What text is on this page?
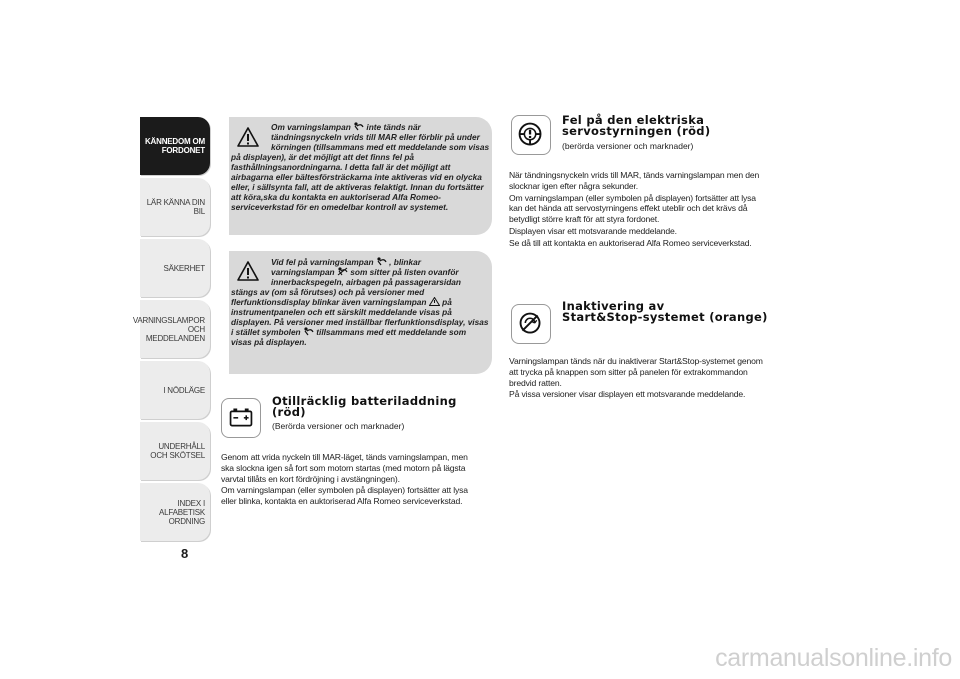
KÄNNEDOM OM FORDONET
LÄR KÄNNA DIN BIL
SÄKERHET
VARNINGSLAMPOR OCH MEDDELANDEN
I NÖDLÄGE
UNDERHÅLL OCH SKÖTSEL
INDEX I ALFABETISK ORDNING
8
Om varningslampan inte tänds när
tändningsnyckeln vrids till MAR eller förblir på under
körningen (tillsammans med ett meddelande som visas
på displayen), är det möjligt att det finns fel på
fasthållningsanordningarna. I detta fall är det möjligt att
airbagarna eller bältesförsträckarna inte aktiveras vid en olycka
eller, i sällsynta fall, att de aktiveras felaktigt. Innan du fortsätter
att köra,ska du kontakta en auktoriserad Alfa Romeo-
serviceverkstad för en omedelbar kontroll av systemet.
Vid fel på varningslampan , blinkar
varningslampan som sitter på listen ovanför
innerbackspegeln, airbagen på passagerarsidan
stängs av (om så förutses) och på versioner med
flerfunktionsdisplay blinkar även varningslampan på
instrumentpanelen och ett särskilt meddelande visas på
displayen. På versioner med inställbar flerfunktionsdisplay, visas
i stället symbolen tillsammans med ett meddelande som
visas på displayen.
Otillräcklig batteriladdning
(röd)
(Berörda versioner och marknader)
Genom att vrida nyckeln till MAR-läget, tänds varningslampan, men
ska slockna igen så fort som motorn startas (med motorn på lägsta
varvtal tillåts en kort fördröjning i avstängningen).
Om varningslampan (eller symbolen på displayen) fortsätter att lysa
eller blinka, kontakta en auktoriserad Alfa Romeo serviceverkstad.
Fel på den elektriska
servostyrningen (röd)
(berörda versioner och marknader)
När tändningsnyckeln vrids till MAR, tänds varningslampan men den
slocknar igen efter några sekunder.
Om varningslampan (eller symbolen på displayen) fortsätter att lysa
kan det hända att servostyrningens effekt uteblir och det krävs då
betydligt större kraft för att styra fordonet.
Displayen visar ett motsvarande meddelande.
Se då till att kontakta en auktoriserad Alfa Romeo serviceverkstad.
Inaktivering av
Start&Stop-systemet (orange)
Varningslampan tänds när du inaktiverar Start&Stop-systemet genom
att trycka på knappen som sitter på panelen för extrakommandon
bredvid ratten.
På vissa versioner visar displayen ett motsvarande meddelande.
carmanualsonline.info
